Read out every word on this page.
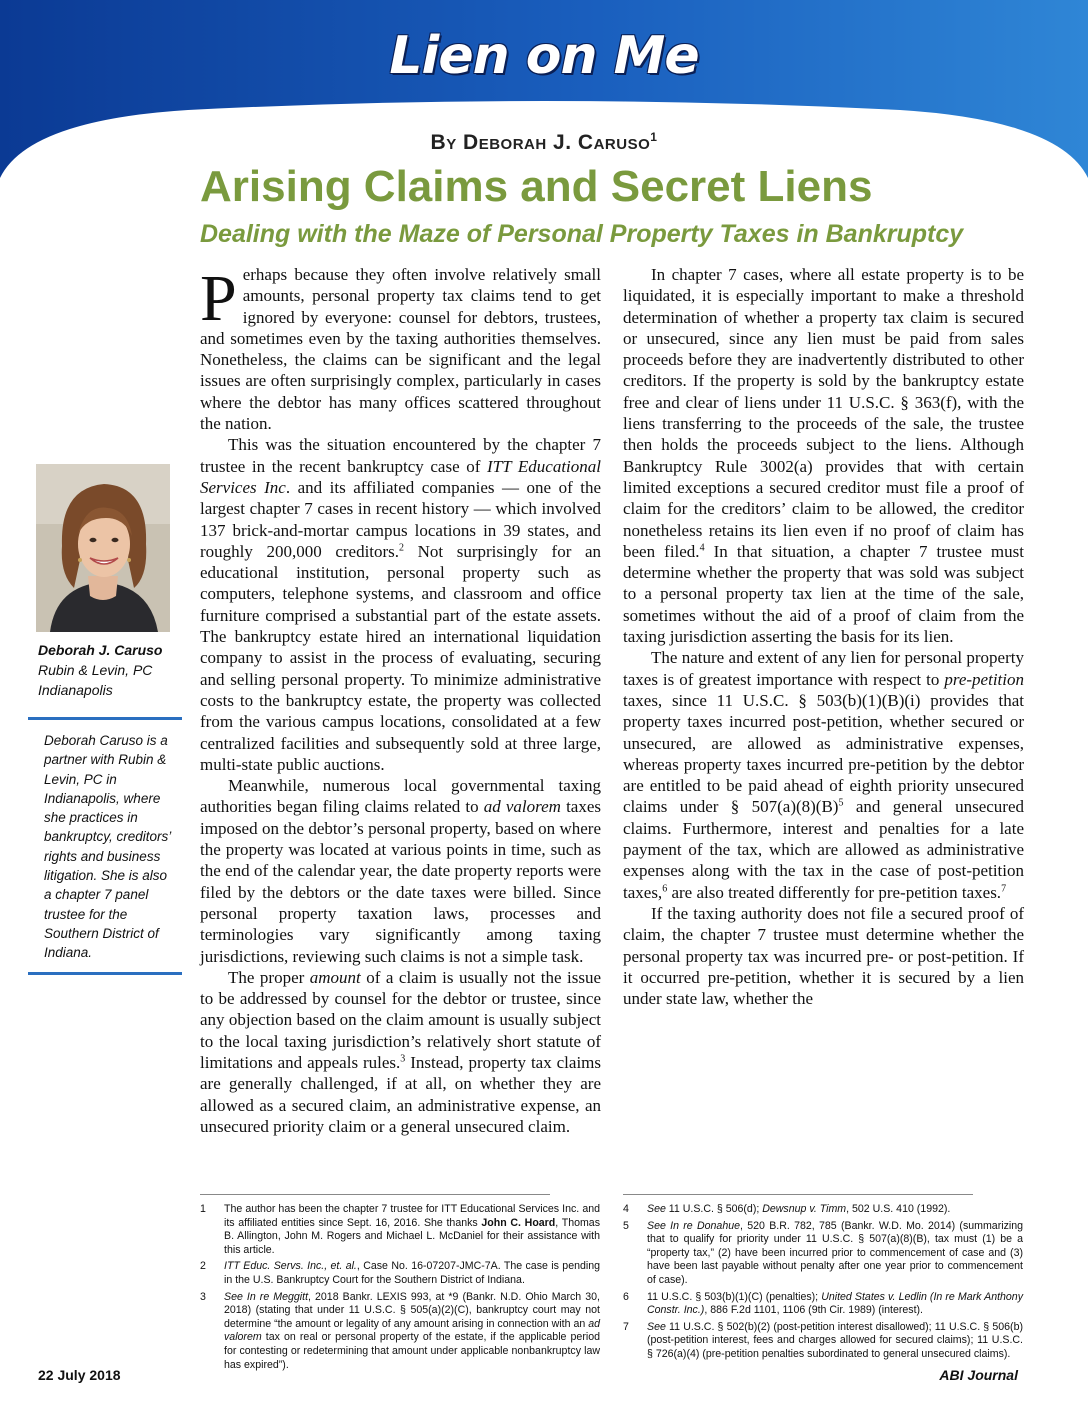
Lien on Me
By Deborah J. Caruso$^1$
Arising Claims and Secret Liens
Dealing with the Maze of Personal Property Taxes in Bankruptcy
Deborah J. Caruso
Rubin & Levin, PC
Indianapolis
Deborah Caruso is a partner with Rubin & Levin, PC in Indianapolis, where she practices in bankruptcy, creditors’ rights and business litigation. She is also a chapter 7 panel trustee for the Southern District of Indiana.

Perhaps because they often involve relatively small amounts, personal property tax claims tend to get ignored by everyone: counsel for debtors, trustees, and sometimes even by the taxing authorities themselves. Nonetheless, the claims can be significant and the legal issues are often surprisingly complex, particularly in cases where the debtor has many offices scattered throughout the nation.

This was the situation encountered by the chapter 7 trustee in the recent bankruptcy case of ITT Educational Services Inc. and its affiliated companies — one of the largest chapter 7 cases in recent history — which involved 137 brick-and-mortar campus locations in 39 states, and roughly 200,000 creditors.$^2$ Not surprisingly for an educational institution, personal property such as computers, telephone systems, and classroom and office furniture comprised a substantial part of the estate assets. The bankruptcy estate hired an international liquidation company to assist in the process of evaluating, securing and selling personal property. To minimize administrative costs to the bankruptcy estate, the property was collected from the various campus locations, consolidated at a few centralized facilities and subsequently sold at three large, multi-state public auctions.

Meanwhile, numerous local governmental taxing authorities began filing claims related to ad valorem taxes imposed on the debtor’s personal property, based on where the property was located at various points in time, such as the end of the calendar year, the date property reports were filed by the debtors or the date taxes were billed. Since personal property taxation laws, processes and terminologies vary significantly among taxing jurisdictions, reviewing such claims is not a simple task.

The proper amount of a claim is usually not the issue to be addressed by counsel for the debtor or trustee, since any objection based on the claim amount is usually subject to the local taxing jurisdiction’s relatively short statute of limitations and appeals rules.$^3$ Instead, property tax claims are generally challenged, if at all, on whether they are allowed as a secured claim, an administrative expense, an unsecured priority claim or a general unsecured claim.

In chapter 7 cases, where all estate property is to be liquidated, it is especially important to make a threshold determination of whether a property tax claim is secured or unsecured, since any lien must be paid from sales proceeds before they are inadvertently distributed to other creditors. If the property is sold by the bankruptcy estate free and clear of liens under 11 U.S.C. § 363(f), with the liens transferring to the proceeds of the sale, the trustee then holds the proceeds subject to the liens. Although Bankruptcy Rule 3002(a) provides that with certain limited exceptions a secured creditor must file a proof of claim for the creditors’ claim to be allowed, the creditor nonetheless retains its lien even if no proof of claim has been filed.$^4$ In that situation, a chapter 7 trustee must determine whether the property that was sold was subject to a personal property tax lien at the time of the sale, sometimes without the aid of a proof of claim from the taxing jurisdiction asserting the basis for its lien.

The nature and extent of any lien for personal property taxes is of greatest importance with respect to pre-petition taxes, since 11 U.S.C. § 503(b)(1)(B)(i) provides that property taxes incurred post-petition, whether secured or unsecured, are allowed as administrative expenses, whereas property taxes incurred pre-petition by the debtor are entitled to be paid ahead of eighth priority unsecured claims under § $507(a)(8)(B)^5$ and general unsecured claims. Furthermore, interest and penalties for a late payment of the tax, which are allowed as administrative expenses along with the tax in the case of post-petition taxes,$^6$ are also treated differently for pre-petition taxes.$^7$

If the taxing authority does not file a secured proof of claim, the chapter 7 trustee must determine whether the personal property tax was incurred pre- or post-petition. If it occurred pre-petition, whether it is secured by a lien under state law, whether the

1 The author has been the chapter 7 trustee for ITT Educational Services Inc. and its affiliated entities since Sept. 16, 2016. She thanks John C. Hoard, Thomas B. Allington, John M. Rogers and Michael L. McDaniel for their assistance with this article.
2 ITT Educ. Servs. Inc., et. al., Case No. 16-07207-JMC-7A. The case is pending in the U.S. Bankruptcy Court for the Southern District of Indiana.
3 See In re Meggitt, 2018 Bankr. LEXIS 993, at *9 (Bankr. N.D. Ohio March 30, 2018) (stating that under 11 U.S.C. § 505(a)(2)(C), bankruptcy court may not determine “the amount or legality of any amount arising in connection with an ad valorem tax on real or personal property of the estate, if the applicable period for contesting or redetermining that amount under applicable nonbankruptcy law has expired”).
4 See 11 U.S.C. § 506(d); Dewsnup v. Timm, 502 U.S. 410 (1992).
5 See In re Donahue, 520 B.R. 782, 785 (Bankr. W.D. Mo. 2014) (summarizing that to qualify for priority under 11 U.S.C. § 507(a)(8)(B), tax must (1) be a “property tax,” (2) have been incurred prior to commencement of case and (3) have been last payable without penalty after one year prior to commencement of case).
6 11 U.S.C. § 503(b)(1)(C) (penalties); United States v. Ledlin (In re Mark Anthony Constr. Inc.), 886 F.2d 1101, 1106 (9th Cir. 1989) (interest).
7 See 11 U.S.C. § 502(b)(2) (post-petition interest disallowed); 11 U.S.C. § 506(b) (post-petition interest, fees and charges allowed for secured claims); 11 U.S.C. § 726(a)(4) (pre-petition penalties subordinated to general unsecured claims).
22 July 2018	ABI Journal
